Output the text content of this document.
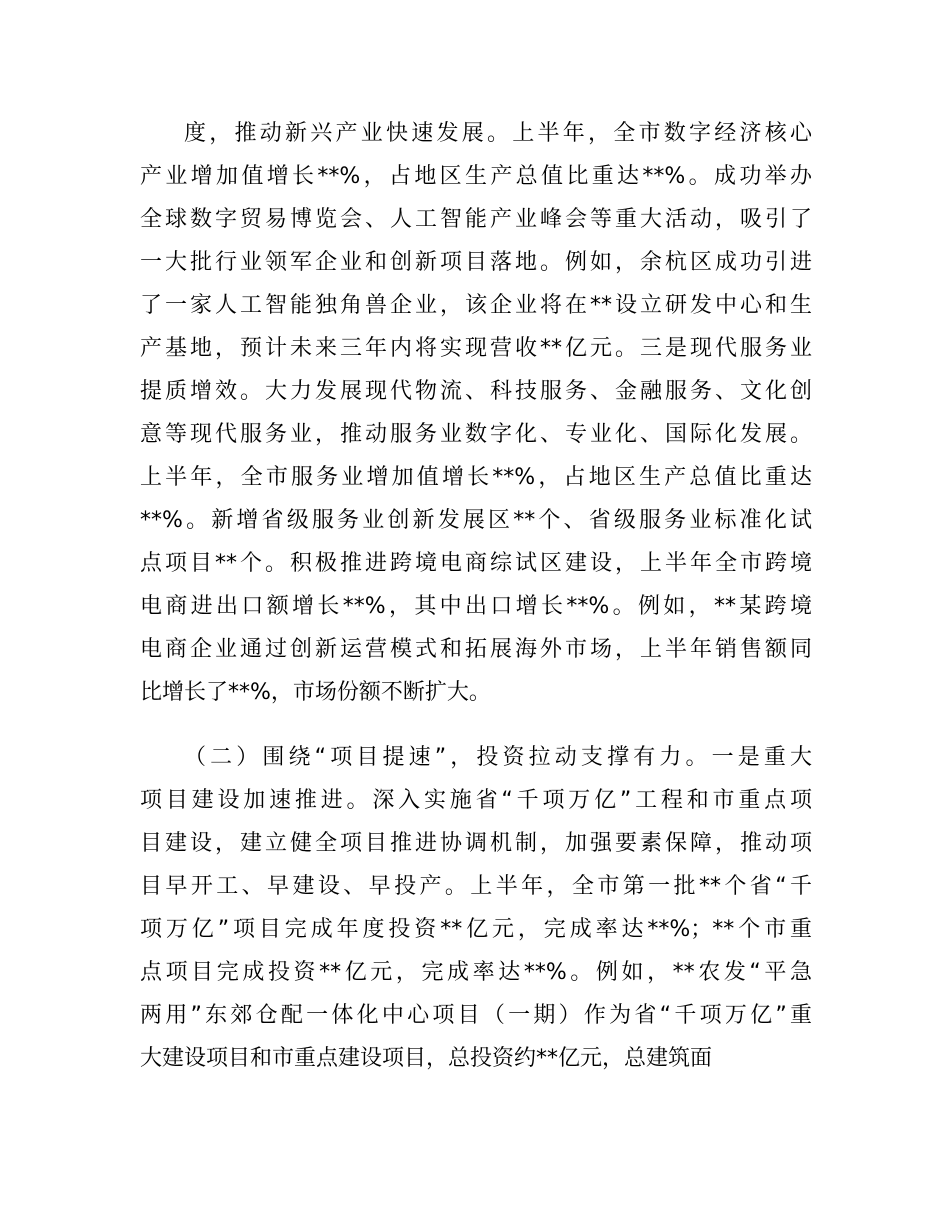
度，推动新兴产业快速发展。上半年，全市数字经济核心
产业增加值增长**%，占地区生产总值比重达**%。成功举办
全球数字贸易博览会、人工智能产业峰会等重大活动，吸引了
一大批行业领军企业和创新项目落地。例如，余杭区成功引进
了一家人工智能独角兽企业，该企业将在**设立研发中心和生
产基地，预计未来三年内将实现营收**亿元。三是现代服务业
提质增效。大力发展现代物流、科技服务、金融服务、文化创
意等现代服务业，推动服务业数字化、专业化、国际化发展。
上半年，全市服务业增加值增长**%，占地区生产总值比重达
**%。新增省级服务业创新发展区**个、省级服务业标准化试
点项目**个。积极推进跨境电商综试区建设，上半年全市跨境
电商进出口额增长**%，其中出口增长**%。例如，**某跨境
电商企业通过创新运营模式和拓展海外市场，上半年销售额同
比增长了**%，市场份额不断扩大。
（二）围绕“项目提速”，投资拉动支撑有力。一是重大
项目建设加速推进。深入实施省“千项万亿”工程和市重点项
目建设，建立健全项目推进协调机制，加强要素保障，推动项
目早开工、早建设、早投产。上半年，全市第一批**个省“千
项万亿”项目完成年度投资**亿元，完成率达**%；**个市重
点项目完成投资**亿元，完成率达**%。例如，**农发“平急
两用”东郊仓配一体化中心项目（一期）作为省“千项万亿”重
大建设项目和市重点建设项目，总投资约**亿元，总建筑面
